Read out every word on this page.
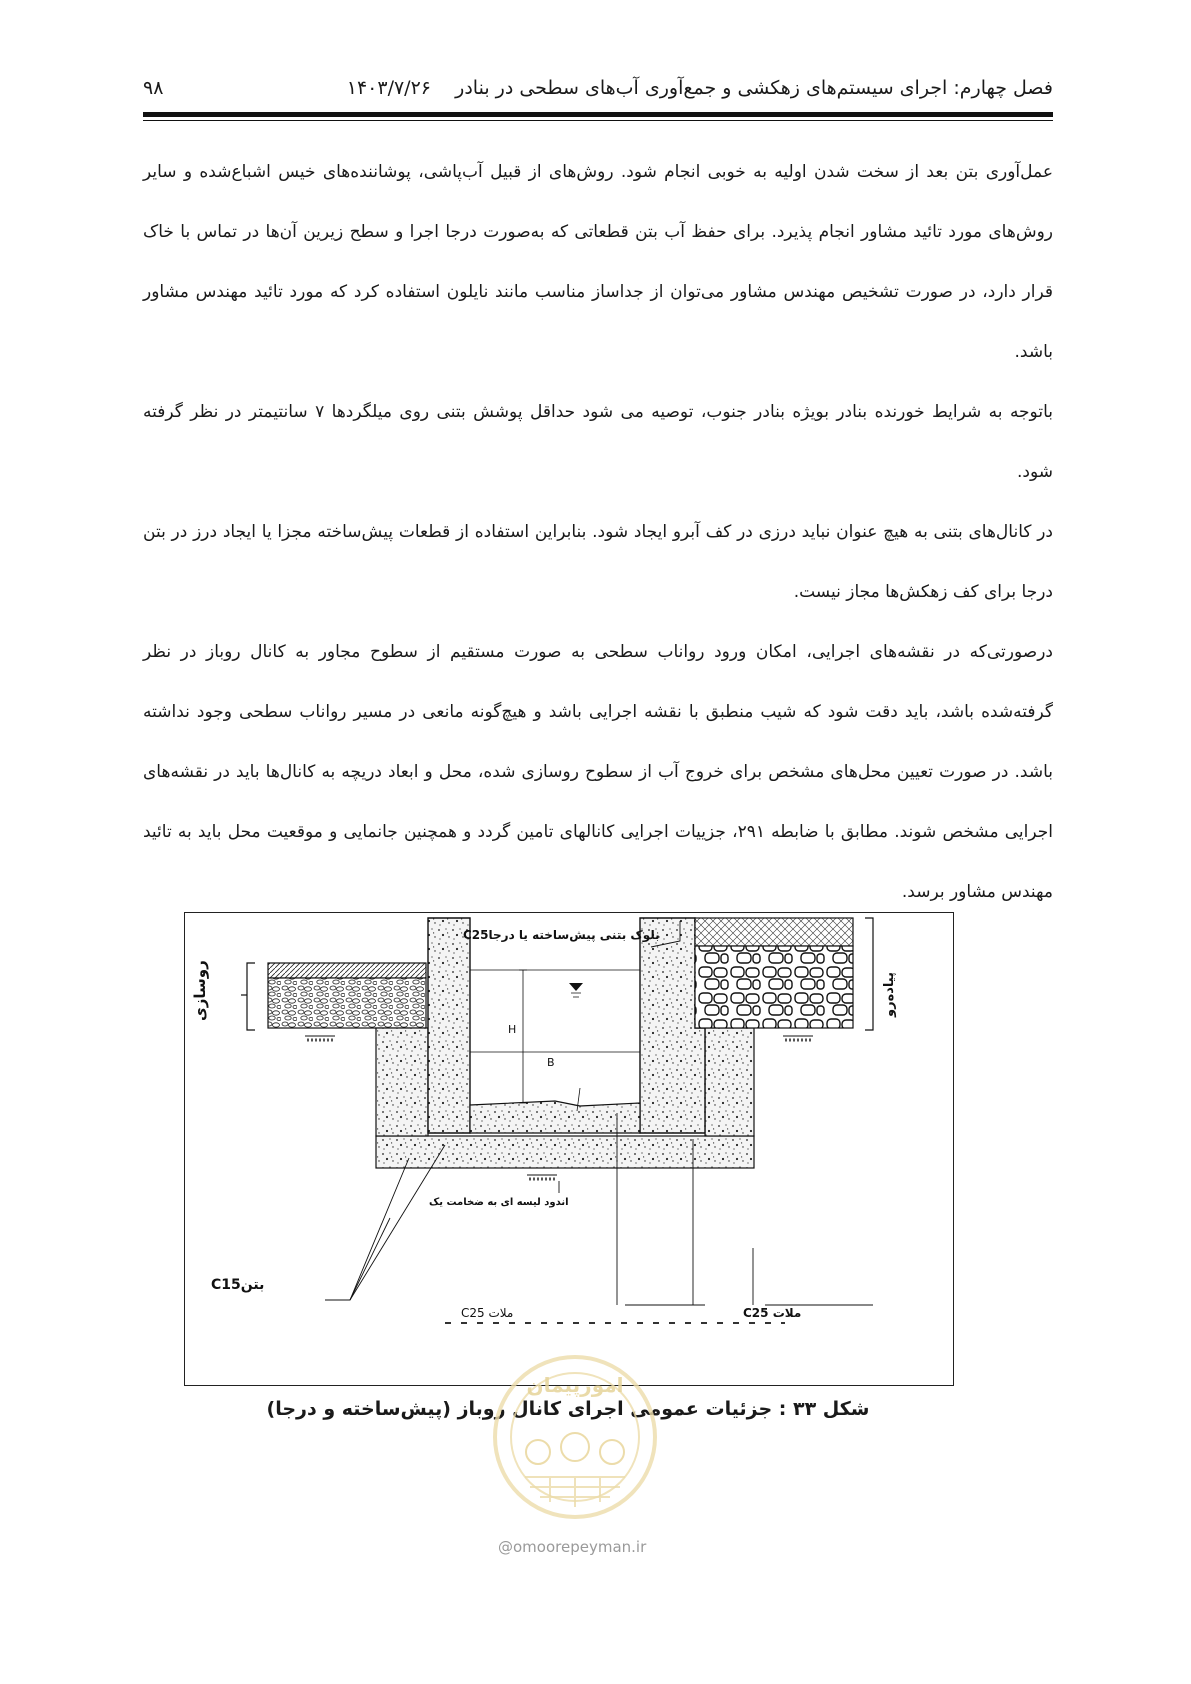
فصل چهارم: اجرای سیستم‌های زهکشی و جمع‌آوری آب‌های سطحی در بنادر    ۱۴۰۳/۷/۲۶
۹۸

عمل‌آوری بتن بعد از سخت شدن اولیه به خوبی انجام شود. روش‌های از قبیل آب‌پاشی، پوشاننده‌های خیس اشباع‌شده و سایر روش‌های مورد تائید مشاور انجام پذیرد. برای حفظ آب بتن قطعاتی که به‌صورت درجا اجرا و سطح زیرین آن‌ها در تماس با خاک قرار دارد، در صورت تشخیص مهندس مشاور می‌توان از جداساز مناسب مانند نایلون استفاده کرد که مورد تائید مهندس مشاور باشد.

باتوجه به شرایط خورنده بنادر بویژه بنادر جنوب، توصیه می شود حداقل پوشش بتنی روی میلگردها ۷ سانتیمتر در نظر گرفته شود.

در کانال‌های بتنی به هیچ عنوان نباید درزی در کف آبرو ایجاد شود. بنابراین استفاده از قطعات پیش‌ساخته مجزا یا ایجاد درز در بتن درجا برای کف زهکش‌ها مجاز نیست.

درصورتی‌که در نقشه‌های اجرایی، امکان ورود رواناب سطحی به صورت مستقیم از سطوح مجاور به کانال روباز در نظر گرفته‌شده باشد، باید دقت شود که شیب منطبق با نقشه اجرایی باشد و هیچ‌گونه مانعی در مسیر رواناب سطحی وجود نداشته باشد. در صورت تعیین محل‌های مشخص برای خروج آب از سطوح روسازی شده، محل و ابعاد دریچه به کانال‌ها باید در نقشه‌های اجرایی مشخص شوند. مطابق با ضابطه ۲۹۱، جزییات اجرایی کانالهای تامین گردد و همچنین جانمایی و موقعیت محل باید به تائید مهندس مشاور برسد.

بلوک بتنی پیش‌ساخته یا درجاC25
روسازی	پیاده‌رو
H
B
اندود لیسه ای به ضخامت یک
بتنC15
ملات C25	ملات C25
شکل ۳۳ : جزئیات عمومی اجرای کانال روباز (پیش‌ساخته و درجا)
امورپیمان
@omoorepeyman.ir
